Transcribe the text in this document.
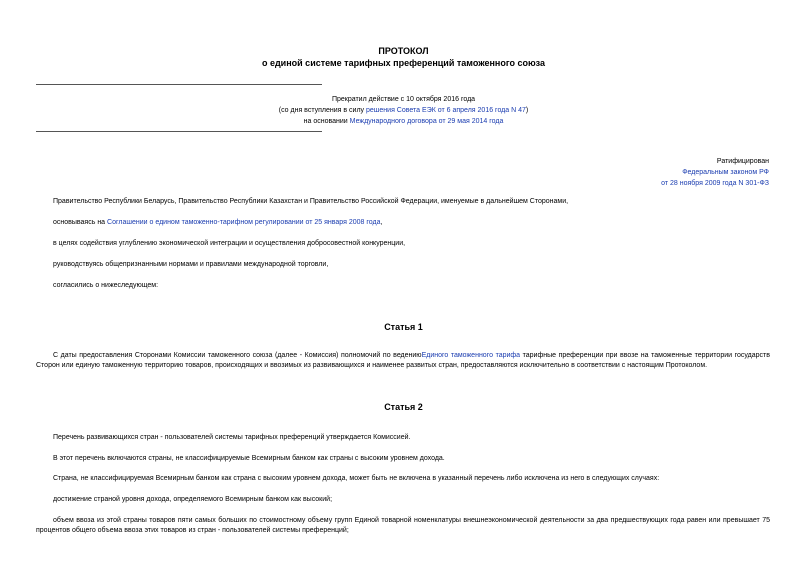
ПРОТОКОЛ
о единой системе тарифных преференций таможенного союза
Прекратил действие с 10 октября 2016 года
(со дня вступления в силу решения Совета ЕЭК от 6 апреля 2016 года N 47)
на основании Международного договора от 29 мая 2014 года
Ратифицирован
Федеральным законом РФ
от 28 ноября 2009 года N 301-ФЗ
Правительство Республики Беларусь, Правительство Республики Казахстан и Правительство Российской Федерации, именуемые в дальнейшем Сторонами,
основываясь на Соглашении о едином таможенно-тарифном регулировании от 25 января 2008 года,
в целях содействия углублению экономической интеграции и осуществления добросовестной конкуренции,
руководствуясь общепризнанными нормами и правилами международной торговли,
согласились о нижеследующем:
Статья 1
С даты предоставления Сторонами Комиссии таможенного союза (далее - Комиссия) полномочий по ведениюЕдиного таможенного тарифа тарифные преференции при ввозе на таможенные территории государств Сторон или единую таможенную территорию товаров, происходящих и ввозимых из развивающихся и наименее развитых стран, предоставляются исключительно в соответствии с настоящим Протоколом.
Статья 2
Перечень развивающихся стран - пользователей системы тарифных преференций утверждается Комиссией.
В этот перечень включаются страны, не классифицируемые Всемирным банком как страны с высоким уровнем дохода.
Страна, не классифицируемая Всемирным банком как страна с высоким уровнем дохода, может быть не включена в указанный перечень либо исключена из него в следующих случаях:
достижение страной уровня дохода, определяемого Всемирным банком как высокий;
объем ввоза из этой страны товаров пяти самых больших по стоимостному объему групп Единой товарной номенклатуры внешнеэкономической деятельности за два предшествующих года равен или превышает 75 процентов общего объема ввоза этих товаров из стран - пользователей системы преференций;
